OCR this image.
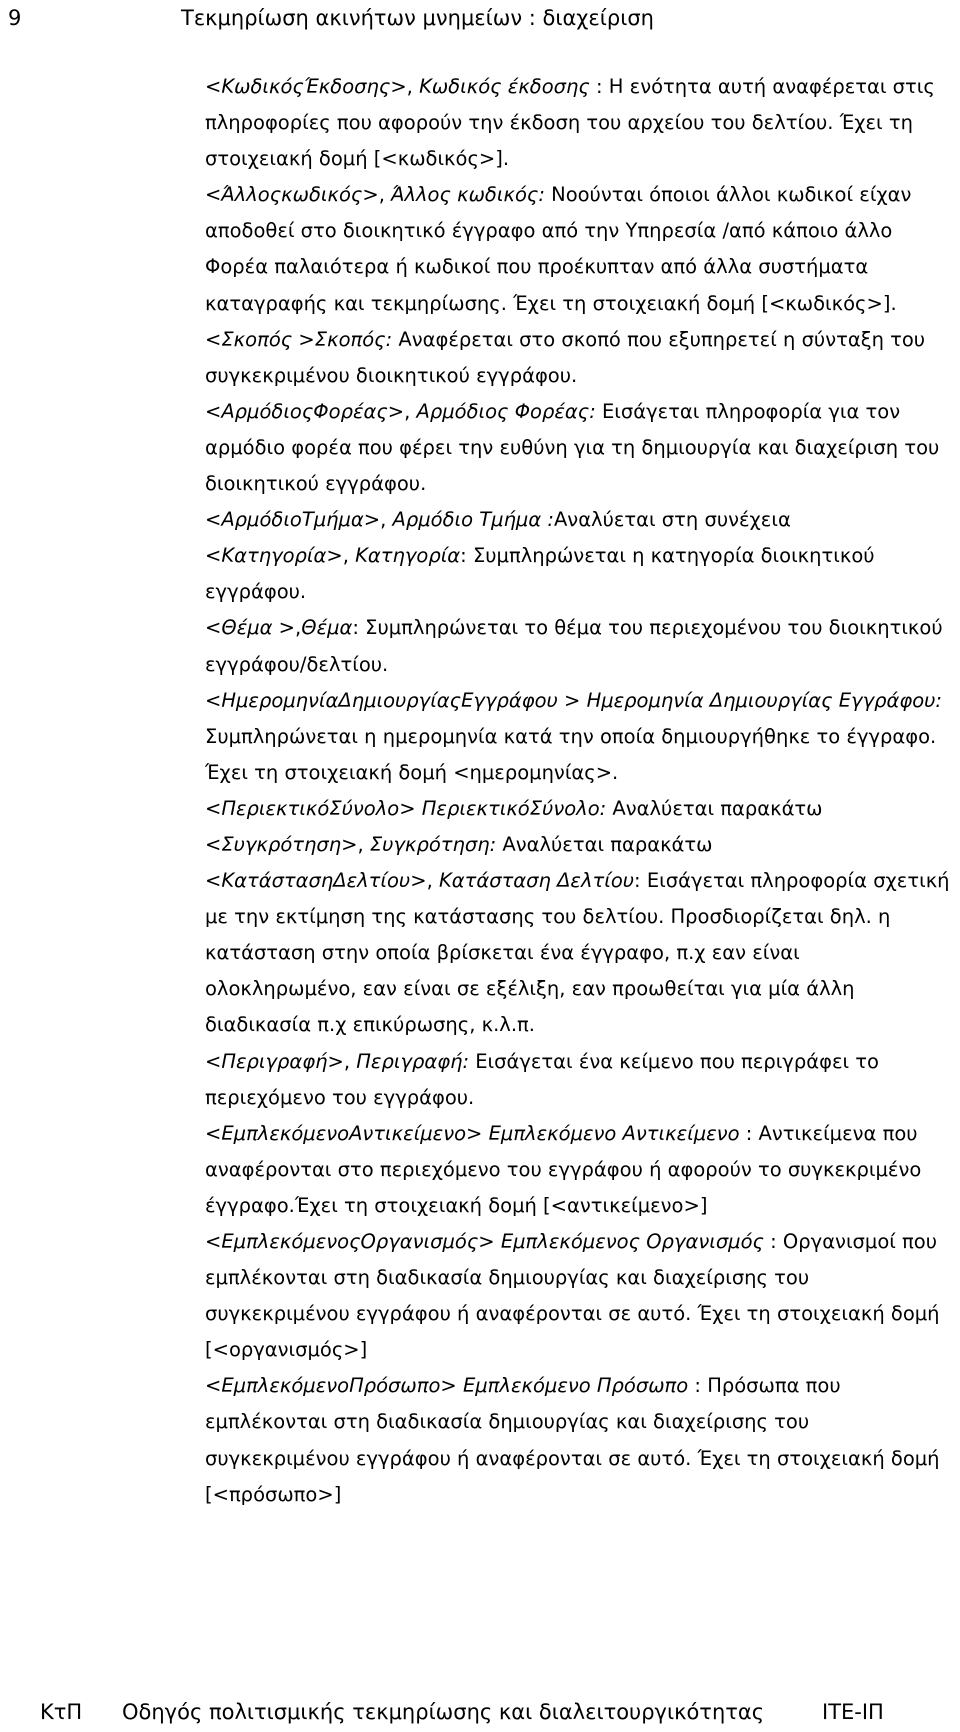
9	Τεκμηρίωση ακινήτων μνημείων : διαχείριση

<ΚωδικόςΈκδοσης>, Κωδικός έκδοσης : Η ενότητα αυτή αναφέρεται στις πληροφορίες που αφορούν την έκδοση του αρχείου του δελτίου. Έχει τη στοιχειακή δομή [<κωδικός>].

<Άλλοςκωδικός>, Άλλος κωδικός: Νοούνται όποιοι άλλοι κωδικοί είχαν αποδοθεί στο διοικητικό έγγραφο από την Υπηρεσία /από κάποιο άλλο Φορέα παλαιότερα ή κωδικοί που προέκυπταν από άλλα συστήματα καταγραφής και τεκμηρίωσης. Έχει τη στοιχειακή δομή [<κωδικός>].

<Σκοπός >Σκοπός: Αναφέρεται στο σκοπό που εξυπηρετεί η σύνταξη του συγκεκριμένου διοικητικού εγγράφου.

<ΑρμόδιοςΦορέας>, Αρμόδιος Φορέας: Εισάγεται πληροφορία για τον αρμόδιο φορέα που φέρει την ευθύνη για τη δημιουργία και διαχείριση του διοικητικού εγγράφου.

<ΑρμόδιοΤμήμα>, Αρμόδιο Τμήμα :Αναλύεται στη συνέχεια

<Κατηγορία>, Κατηγορία: Συμπληρώνεται η κατηγορία διοικητικού εγγράφου.

<Θέμα >,Θέμα: Συμπληρώνεται το θέμα του περιεχομένου του διοικητικού εγγράφου/δελτίου.

<ΗμερομηνίαΔημιουργίαςΕγγράφου > Ημερομηνία Δημιουργίας Εγγράφου: Συμπληρώνεται η ημερομηνία κατά την οποία δημιουργήθηκε το έγγραφο. Έχει τη στοιχειακή δομή <ημερομηνίας>.

<ΠεριεκτικόΣύνολο> ΠεριεκτικόΣύνολο: Αναλύεται παρακάτω

<Συγκρότηση>, Συγκρότηση: Αναλύεται παρακάτω

<ΚατάστασηΔελτίου>, Κατάσταση Δελτίου: Εισάγεται πληροφορία σχετική με την εκτίμηση της κατάστασης του δελτίου. Προσδιορίζεται δηλ. η κατάσταση στην οποία βρίσκεται ένα έγγραφο, π.χ εαν είναι ολοκληρωμένο, εαν είναι σε εξέλιξη, εαν προωθείται για μία άλλη διαδικασία π.χ επικύρωσης, κ.λ.π.

<Περιγραφή>, Περιγραφή: Εισάγεται ένα κείμενο που περιγράφει το περιεχόμενο του εγγράφου.

<ΕμπλεκόμενοΑντικείμενο> Εμπλεκόμενο Αντικείμενο : Αντικείμενα που αναφέρονται στο περιεχόμενο του εγγράφου ή αφορούν το συγκεκριμένο έγγραφο.Έχει τη στοιχειακή δομή [<αντικείμενο>]

<ΕμπλεκόμενοςΟργανισμός> Εμπλεκόμενος Οργανισμός : Οργανισμοί που εμπλέκονται στη διαδικασία δημιουργίας και διαχείρισης του συγκεκριμένου εγγράφου ή αναφέρονται σε αυτό. Έχει τη στοιχειακή δομή [<οργανισμός>]

<ΕμπλεκόμενοΠρόσωπο> Εμπλεκόμενο Πρόσωπο : Πρόσωπα που εμπλέκονται στη διαδικασία δημιουργίας και διαχείρισης του συγκεκριμένου εγγράφου ή αναφέρονται σε αυτό. Έχει τη στοιχειακή δομή [<πρόσωπο>]

ΚτΠ Οδηγός πολιτισμικής τεκμηρίωσης και διαλειτουργικότητας	ΙΤΕ-ΙΠ
